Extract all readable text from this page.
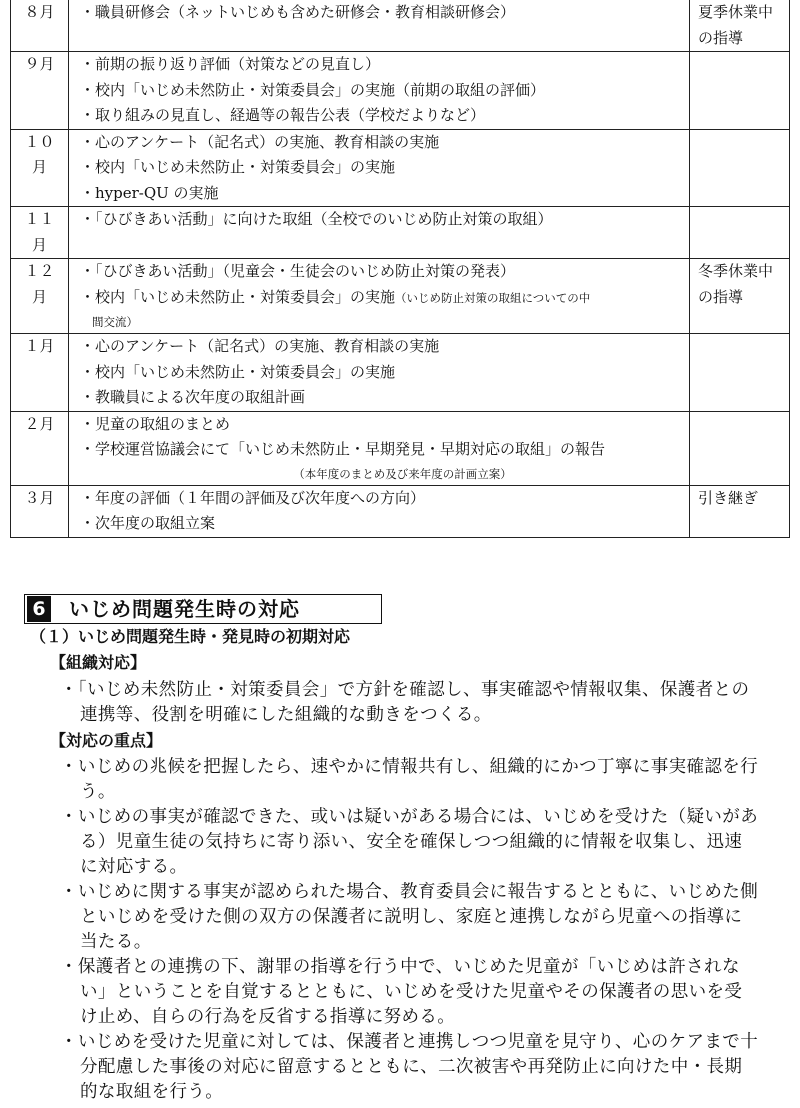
８月	・職員研修会（ネットいじめも含めた研修会・教育相談研修会）	夏季休業中
の指導

９月	・前期の振り返り評価（対策などの見直し）
・校内「いじめ未然防止・対策委員会」の実施（前期の取組の評価）
・取り組みの見直し、経過等の報告公表（学校だよりなど）	

１０
月	・心のアンケート（記名式）の実施、教育相談の実施
・校内「いじめ未然防止・対策委員会」の実施
・hyper-QU の実施	

１１
月	・「ひびきあい活動」に向けた取組（全校でのいじめ防止対策の取組）	

１２
月	・「ひびきあい活動」（児童会・生徒会のいじめ防止対策の発表）
・校内「いじめ未然防止・対策委員会」の実施（いじめ防止対策の取組についての中
間交流）	冬季休業中
の指導

１月	・心のアンケート（記名式）の実施、教育相談の実施
・校内「いじめ未然防止・対策委員会」の実施
・教職員による次年度の取組計画	

２月	・児童の取組のまとめ
・学校運営協議会にて「いじめ未然防止・早期発見・早期対応の取組」の報告
（本年度のまとめ及び来年度の計画立案）	

３月	・年度の評価（１年間の評価及び次年度への方向）
・次年度の取組立案	引き継ぎ
6 いじめ問題発生時の対応
（１）いじめ問題発生時・発見時の初期対応
【組織対応】

・「いじめ未然防止・対策委員会」で方針を確認し、事実確認や情報収集、保護者との連携等、役割を明確にした組織的な動きをつくる。

【対応の重点】

・いじめの兆候を把握したら、速やかに情報共有し、組織的にかつ丁寧に事実確認を行う。

・いじめの事実が確認できた、或いは疑いがある場合には、いじめを受けた（疑いがある）児童生徒の気持ちに寄り添い、安全を確保しつつ組織的に情報を収集し、迅速に対応する。

・いじめに関する事実が認められた場合、教育委員会に報告するとともに、いじめた側といじめを受けた側の双方の保護者に説明し、家庭と連携しながら児童への指導に当たる。

・保護者との連携の下、謝罪の指導を行う中で、いじめた児童が「いじめは許されない」ということを自覚するとともに、いじめを受けた児童やその保護者の思いを受け止め、自らの行為を反省する指導に努める。

・いじめを受けた児童に対しては、保護者と連携しつつ児童を見守り、心のケアまで十分配慮した事後の対応に留意するとともに、二次被害や再発防止に向けた中・長期的な取組を行う。
